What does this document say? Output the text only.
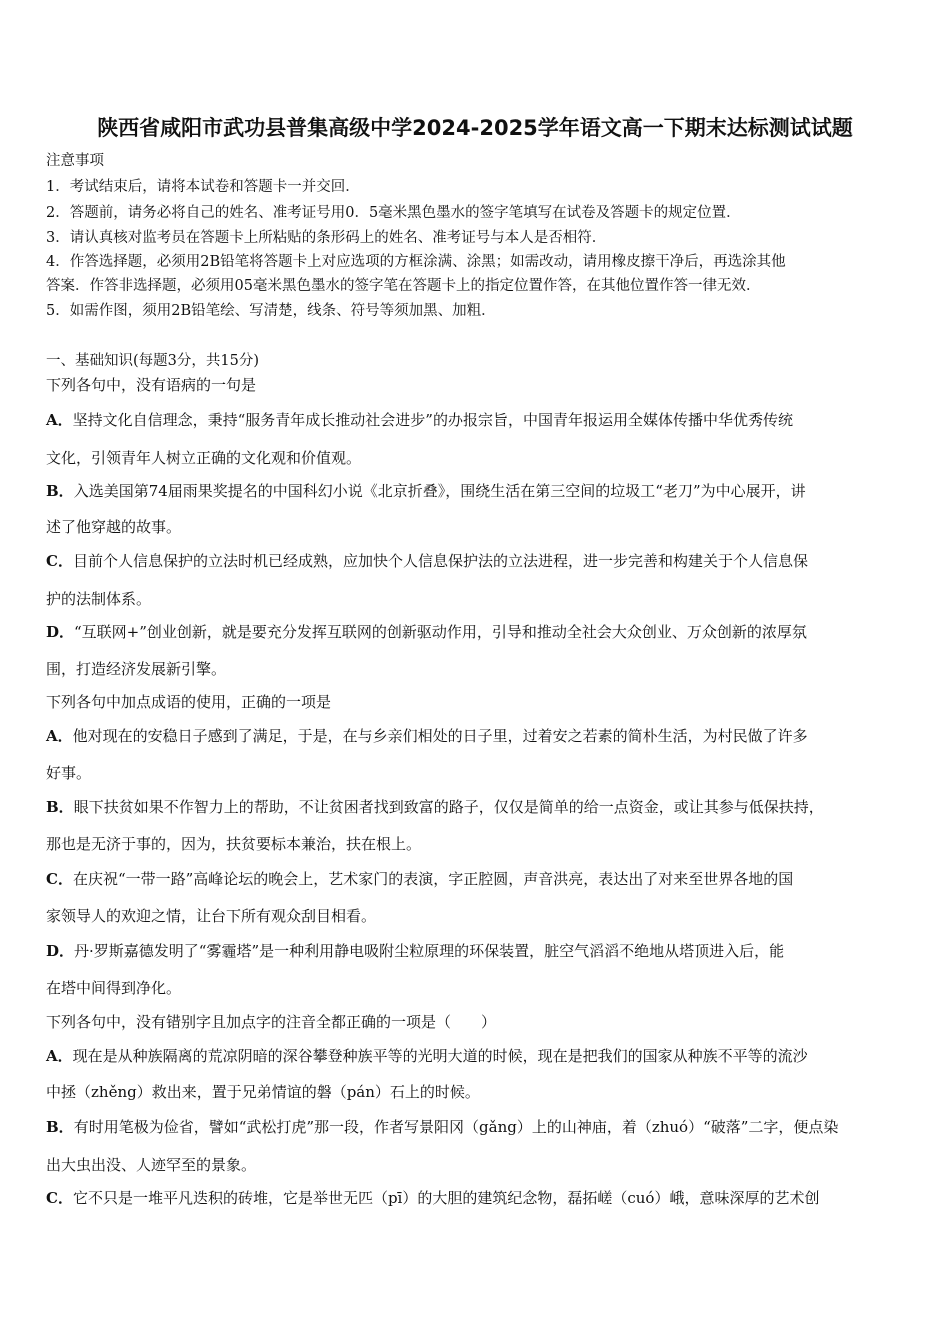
陕西省咸阳市武功县普集高级中学2024-2025学年语文高一下期末达标测试试题
注意事项
1．考试结束后，请将本试卷和答题卡一并交回．
2．答题前，请务必将自己的姓名、准考证号用0．5毫米黑色墨水的签字笔填写在试卷及答题卡的规定位置．
3．请认真核对监考员在答题卡上所粘贴的条形码上的姓名、准考证号与本人是否相符．
4．作答选择题，必须用2B铅笔将答题卡上对应选项的方框涂满、涂黑；如需改动，请用橡皮擦干净后，再选涂其他
答案．作答非选择题，必须用05毫米黑色墨水的签字笔在答题卡上的指定位置作答，在其他位置作答一律无效．
5．如需作图，须用2B铅笔绘、写清楚，线条、符号等须加黑、加粗．
一、基础知识(每题3分，共15分)
下列各句中，没有语病的一句是
A．坚持文化自信理念，秉持“服务青年成长推动社会进步”的办报宗旨，中国青年报运用全媒体传播中华优秀传统
文化，引领青年人树立正确的文化观和价值观。
B．入选美国第74届雨果奖提名的中国科幻小说《北京折叠》，围绕生活在第三空间的垃圾工“老刀”为中心展开，讲
述了他穿越的故事。
C．目前个人信息保护的立法时机已经成熟，应加快个人信息保护法的立法进程，进一步完善和构建关于个人信息保
护的法制体系。
D．“互联网+”创业创新，就是要充分发挥互联网的创新驱动作用，引导和推动全社会大众创业、万众创新的浓厚氛
围，打造经济发展新引擎。
下列各句中加点成语的使用，正确的一项是
A．他对现在的安稳日子感到了满足，于是，在与乡亲们相处的日子里，过着安之若素的简朴生活，为村民做了许多
好事。
B．眼下扶贫如果不作智力上的帮助，不让贫困者找到致富的路子，仅仅是简单的给一点资金，或让其参与低保扶持，
那也是无济于事的，因为，扶贫要标本兼治，扶在根上。
C．在庆祝“一带一路”高峰论坛的晚会上，艺术家门的表演，字正腔圆，声音洪亮，表达出了对来至世界各地的国
家领导人的欢迎之情，让台下所有观众刮目相看。
D．丹·罗斯嘉德发明了“雾霾塔”是一种利用静电吸附尘粒原理的环保装置，脏空气滔滔不绝地从塔顶进入后，能
在塔中间得到净化。
下列各句中，没有错别字且加点字的注音全都正确的一项是（　　）
A．现在是从种族隔离的荒凉阴暗的深谷攀登种族平等的光明大道的时候，现在是把我们的国家从种族不平等的流沙
中拯（zhěng）救出来，置于兄弟情谊的磐（pán）石上的时候。
B．有时用笔极为俭省，譬如“武松打虎”那一段，作者写景阳冈（gǎng）上的山神庙，着（zhuó）“破落”二字，便点染
出大虫出没、人迹罕至的景象。
C．它不只是一堆平凡迭积的砖堆，它是举世无匹（pī）的大胆的建筑纪念物，磊拓嵯（cuó）峨，意味深厚的艺术创
